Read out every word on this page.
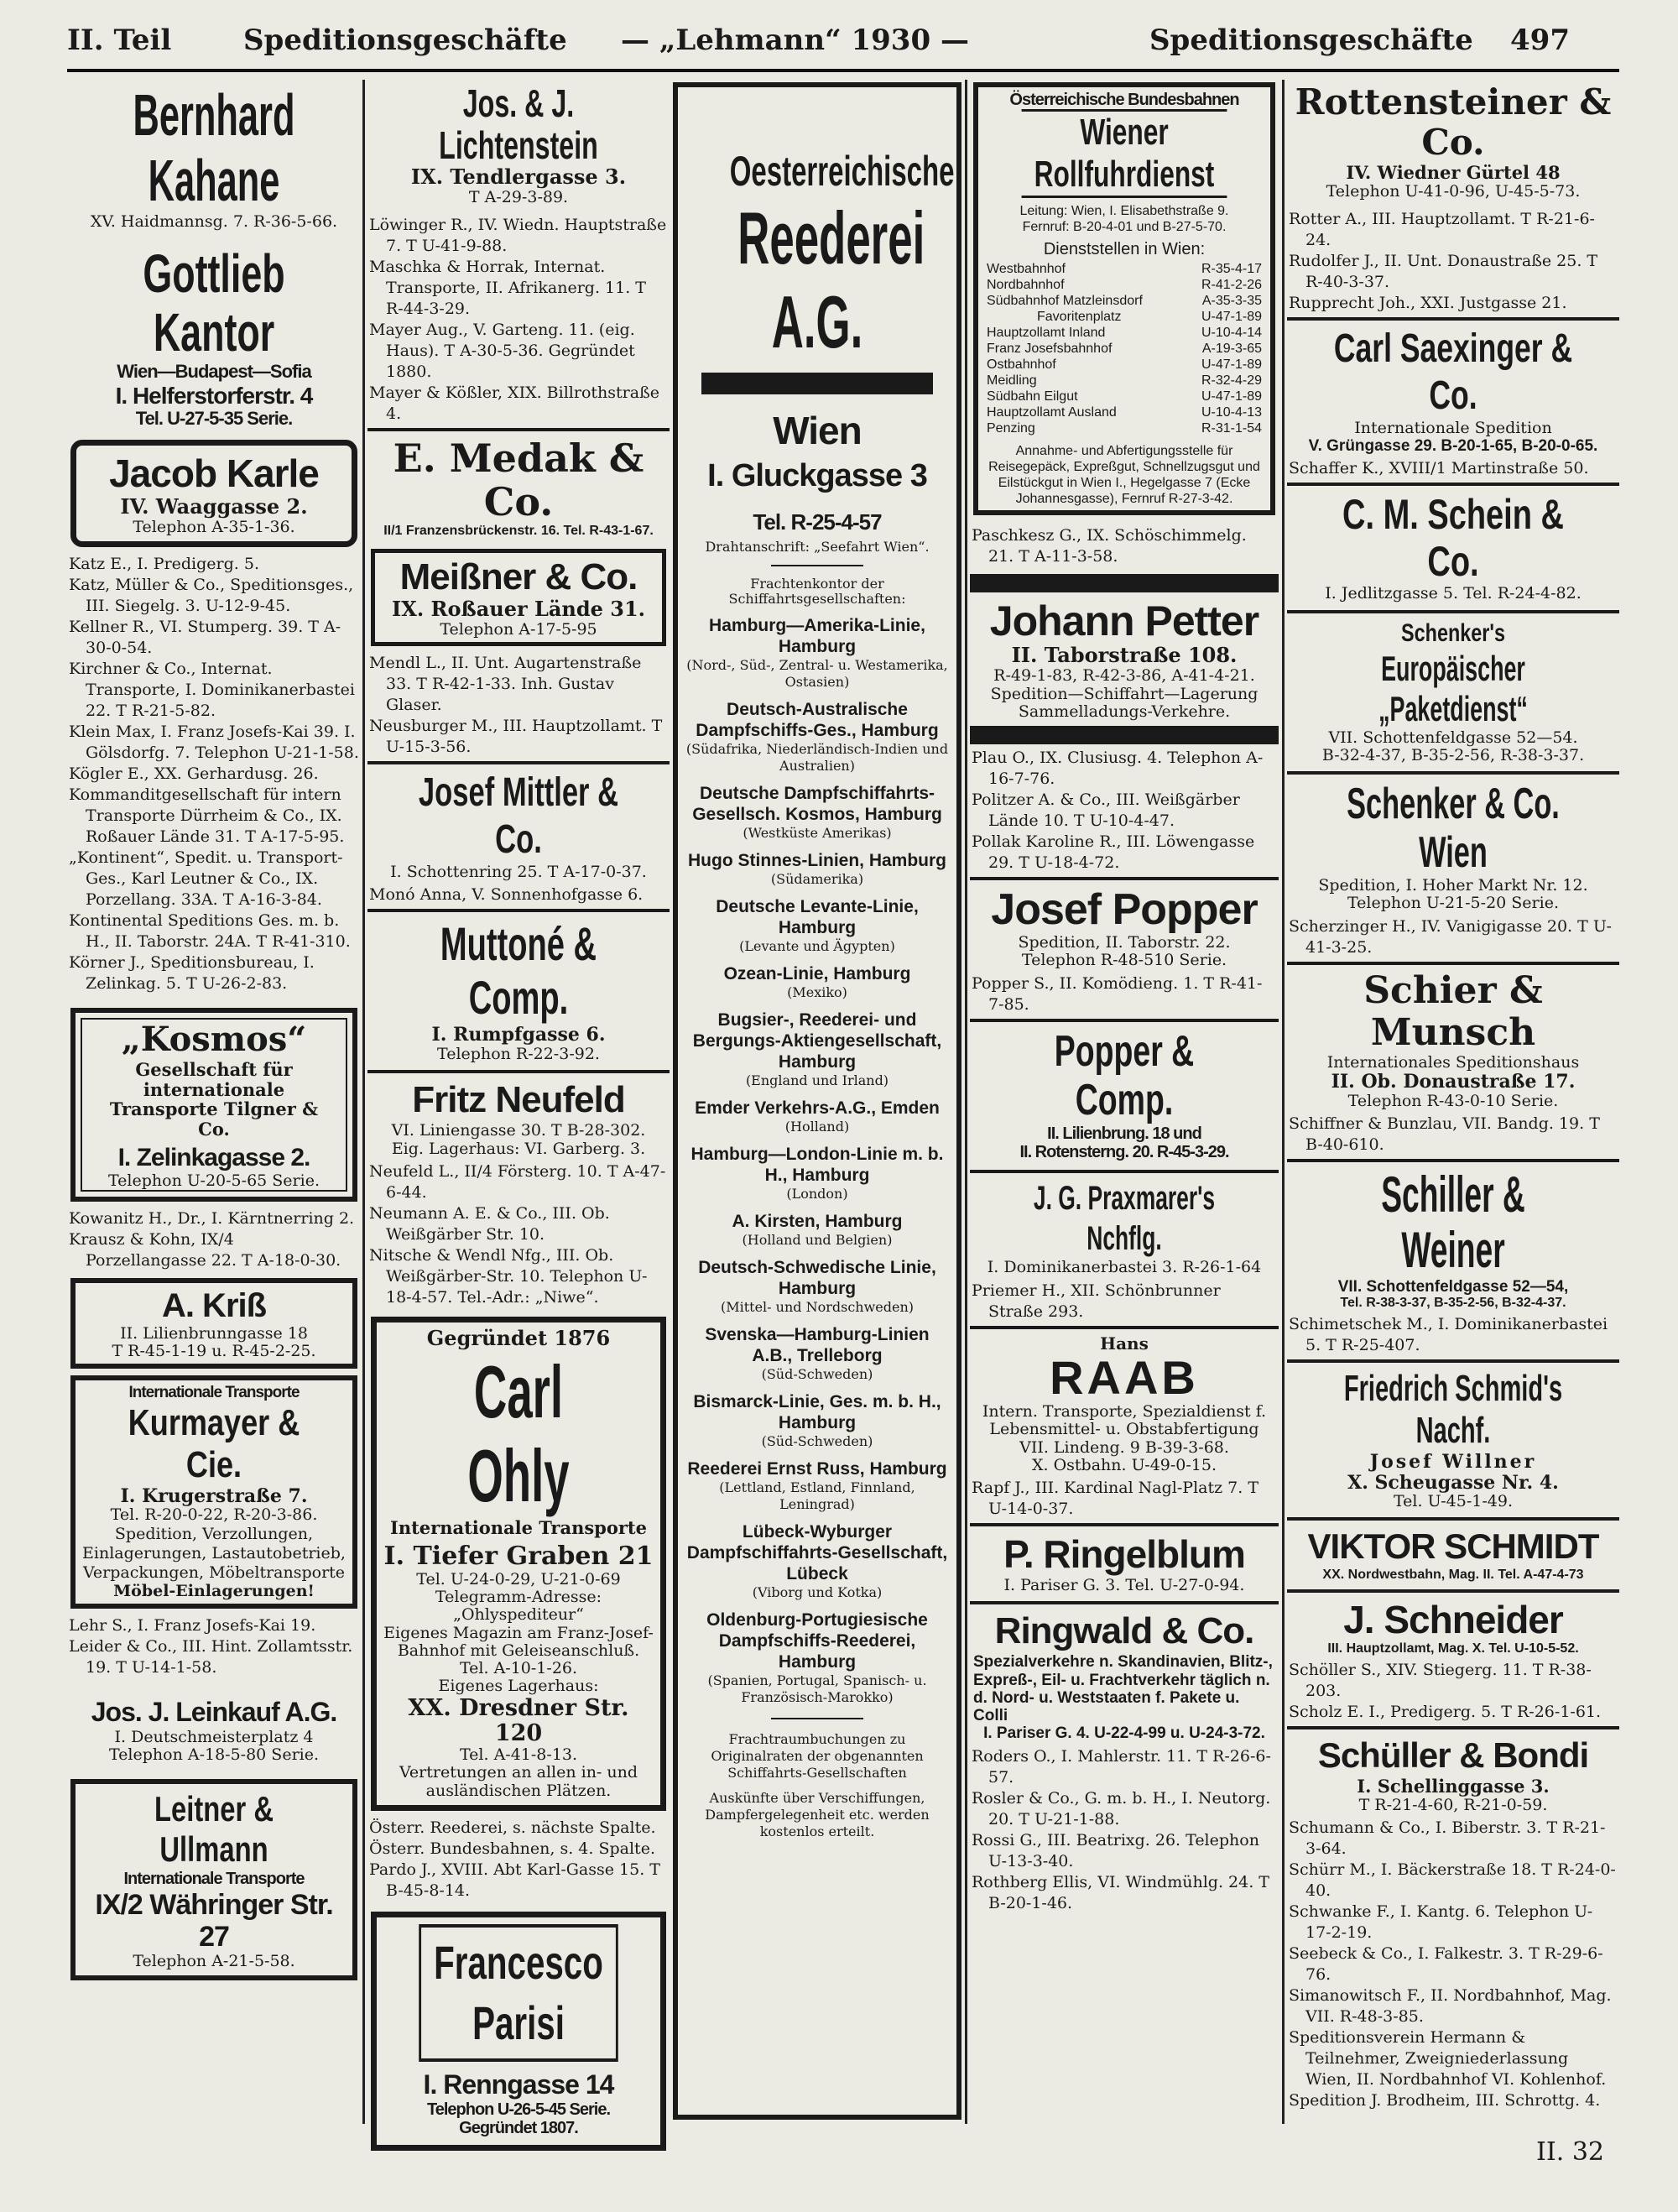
II. Teil	Speditionsgeschäfte — „Lehmann“ 1930 —	Speditionsgeschäfte 497
Bernhard Kahane
XV. Haidmannsg. 7. R-36-5-66.
Gottlieb Kantor
Wien—Budapest—Sofia
I. Helferstorferstr. 4
Tel. U-27-5-35 Serie.
Jacob Karle
IV. Waaggasse 2.
Telephon A-35-1-36.
Katz E., I. Predigerg. 5.
Katz, Müller & Co., Speditionsges., III. Siegelg. 3. U-12-9-45.
Kellner R., VI. Stumperg. 39. T A-30-0-54.
Kirchner & Co., Internat. Transporte, I. Dominikanerbastei 22. T R-21-5-82.
Klein Max, I. Franz Josefs-Kai 39. I. Gölsdorfg. 7. Telephon U-21-1-58.
Kögler E., XX. Gerhardusg. 26.
Kommanditgesellschaft für intern Transporte Dürrheim & Co., IX. Roßauer Lände 31. T A-17-5-95.
„Kontinent“, Spedit. u. Transport-Ges., Karl Leutner & Co., IX. Porzellang. 33A. T A-16-3-84.
Kontinental Speditions Ges. m. b. H., II. Taborstr. 24A. T R-41-310.
Körner J., Speditionsbureau, I. Zelinkag. 5. T U-26-2-83.
„Kosmos“
Gesellschaft für internationale Transporte Tilgner & Co.
I. Zelinkagasse 2.
Telephon U-20-5-65 Serie.
Kowanitz H., Dr., I. Kärntnerring 2.
Krausz & Kohn, IX/4 Porzellangasse 22. T A-18-0-30.
A. Kriß
II. Lilienbrunngasse 18
T R-45-1-19 u. R-45-2-25.
Internationale Transporte
Kurmayer & Cie.
I. Krugerstraße 7.
Tel. R-20-0-22, R-20-3-86.
Spedition, Verzollungen, Einlagerungen, Lastautobetrieb, Verpackungen, Möbeltransporte
Möbel-Einlagerungen!
Lehr S., I. Franz Josefs-Kai 19.
Leider & Co., III. Hint. Zollamtsstr. 19. T U-14-1-58.
Jos. J. Leinkauf A.G.
I. Deutschmeisterplatz 4
Telephon A-18-5-80 Serie.
Leitner & Ullmann
Internationale Transporte
IX/2 Währinger Str. 27
Telephon A-21-5-58.
Jos. & J. Lichtenstein
IX. Tendlergasse 3.
T A-29-3-89.
Löwinger R., IV. Wiedn. Hauptstraße 7. T U-41-9-88.
Maschka & Horrak, Internat. Transporte, II. Afrikanerg. 11. T R-44-3-29.
Mayer Aug., V. Garteng. 11. (eig. Haus). T A-30-5-36. Gegründet 1880.
Mayer & Kößler, XIX. Billrothstraße 4.
E. Medak & Co.
II/1 Franzensbrückenstr. 16. Tel. R-43-1-67.
Meißner & Co.
IX. Roßauer Lände 31.
Telephon A-17-5-95
Mendl L., II. Unt. Augartenstraße 33. T R-42-1-33. Inh. Gustav Glaser.
Neusburger M., III. Hauptzollamt. T U-15-3-56.
Josef Mittler & Co.
I. Schottenring 25. T A-17-0-37.
Monó Anna, V. Sonnenhofgasse 6.
Muttoné & Comp.
I. Rumpfgasse 6.
Telephon R-22-3-92.
Fritz Neufeld
VI. Liniengasse 30. T B-28-302.
Eig. Lagerhaus: VI. Garberg. 3.
Neufeld L., II/4 Försterg. 10. T A-47-6-44.
Neumann A. E. & Co., III. Ob. Weißgärber Str. 10.
Nitsche & Wendl Nfg., III. Ob. Weißgärber-Str. 10. Telephon U-18-4-57. Tel.-Adr.: „Niwe“.
Gegründet 1876
Carl Ohly
Internationale Transporte
I. Tiefer Graben 21
Tel. U-24-0-29, U-21-0-69
Telegramm-Adresse: „Ohlyspediteur“
Eigenes Magazin am Franz-Josef-Bahnhof mit Geleiseanschluß. Tel. A-10-1-26.
Eigenes Lagerhaus:
XX. Dresdner Str. 120
Tel. A-41-8-13.
Vertretungen an allen in- und ausländischen Plätzen.
Österr. Reederei, s. nächste Spalte.
Österr. Bundesbahnen, s. 4. Spalte.
Pardo J., XVIII. Abt Karl-Gasse 15. T B-45-8-14.
Francesco Parisi
I. Renngasse 14
Telephon U-26-5-45 Serie.
Gegründet 1807.
Oesterreichische
Reederei A.G.
Wien
I. Gluckgasse 3
Tel. R-25-4-57
Drahtanschrift: „Seefahrt Wien“.
Frachtenkontor der Schiffahrtsgesellschaften:
Hamburg—Amerika-Linie, Hamburg
(Nord-, Süd-, Zentral- u. Westamerika, Ostasien)
Deutsch-Australische Dampfschiffs-Ges., Hamburg
(Südafrika, Niederländisch-Indien und Australien)
Deutsche Dampfschiffahrts-Gesellsch. Kosmos, Hamburg
(Westküste Amerikas)
Hugo Stinnes-Linien, Hamburg
(Südamerika)
Deutsche Levante-Linie, Hamburg
(Levante und Ägypten)
Ozean-Linie, Hamburg
(Mexiko)
Bugsier-, Reederei- und Bergungs-Aktiengesellschaft, Hamburg
(England und Irland)
Emder Verkehrs-A.G., Emden
(Holland)
Hamburg—London-Linie m. b. H., Hamburg
(London)
A. Kirsten, Hamburg
(Holland und Belgien)
Deutsch-Schwedische Linie, Hamburg
(Mittel- und Nordschweden)
Svenska—Hamburg-Linien A.B., Trelleborg
(Süd-Schweden)
Bismarck-Linie, Ges. m. b. H., Hamburg
(Süd-Schweden)
Reederei Ernst Russ, Hamburg
(Lettland, Estland, Finnland, Leningrad)
Lübeck-Wyburger Dampfschiffahrts-Gesellschaft, Lübeck
(Viborg und Kotka)
Oldenburg-Portugiesische Dampfschiffs-Reederei, Hamburg
(Spanien, Portugal, Spanisch- u. Französisch-Marokko)
Frachtraumbuchungen zu Originalraten der obgenannten Schiffahrts-Gesellschaften
Auskünfte über Verschiffungen, Dampfergelegenheit etc. werden kostenlos erteilt.
Österreichische Bundesbahnen
Wiener Rollfuhrdienst
Leitung: Wien, I. Elisabethstraße 9.
Fernruf: B-20-4-01 und B-27-5-70.
Dienststellen in Wien:
Westbahnhof	R-35-4-17
Nordbahnhof	R-41-2-26
Südbahnhof Matzleinsdorf	A-35-3-35
Favoritenplatz	U-47-1-89
Hauptzollamt Inland	U-10-4-14
Franz Josefsbahnhof	A-19-3-65
Ostbahnhof	U-47-1-89
Meidling	R-32-4-29
Südbahn Eilgut	U-47-1-89
Hauptzollamt Ausland	U-10-4-13
Penzing	R-31-1-54
Annahme- und Abfertigungsstelle für Reisegepäck, Expreßgut, Schnellzugsgut und Eilstückgut in Wien I., Hegelgasse 7 (Ecke Johannesgasse), Fernruf R-27-3-42.
Paschkesz G., IX. Schöschimmelg. 21. T A-11-3-58.
Johann Petter
II. Taborstraße 108.
R-49-1-83, R-42-3-86, A-41-4-21.
Spedition—Schiffahrt—Lagerung Sammelladungs-Verkehre.
Plau O., IX. Clusiusg. 4. Telephon A-16-7-76.
Politzer A. & Co., III. Weißgärber Lände 10. T U-10-4-47.
Pollak Karoline R., III. Löwengasse 29. T U-18-4-72.
Josef Popper
Spedition, II. Taborstr. 22.
Telephon R-48-510 Serie.
Popper S., II. Komödieng. 1. T R-41-7-85.
Popper & Comp.
II. Lilienbrung. 18 und
II. Rotensterng. 20. R-45-3-29.
J. G. Praxmarer's Nchflg.
I. Dominikanerbastei 3. R-26-1-64
Priemer H., XII. Schönbrunner Straße 293.
Hans
RAAB
Intern. Transporte, Spezialdienst f. Lebensmittel- u. Obstabfertigung
VII. Lindeng. 9 B-39-3-68.
X. Ostbahn. U-49-0-15.
Rapf J., III. Kardinal Nagl-Platz 7. T U-14-0-37.
P. Ringelblum
I. Pariser G. 3. Tel. U-27-0-94.
Ringwald & Co.
Spezialverkehre n. Skandinavien, Blitz-, Expreß-, Eil- u. Frachtverkehr täglich n. d. Nord- u. Weststaaten f. Pakete u. Colli
I. Pariser G. 4. U-22-4-99 u. U-24-3-72.
Roders O., I. Mahlerstr. 11. T R-26-6-57.
Rosler & Co., G. m. b. H., I. Neutorg. 20. T U-21-1-88.
Rossi G., III. Beatrixg. 26. Telephon U-13-3-40.
Rothberg Ellis, VI. Windmühlg. 24. T B-20-1-46.
Rottensteiner & Co.
IV. Wiedner Gürtel 48
Telephon U-41-0-96, U-45-5-73.
Rotter A., III. Hauptzollamt. T R-21-6-24.
Rudolfer J., II. Unt. Donaustraße 25. T R-40-3-37.
Rupprecht Joh., XXI. Justgasse 21.
Carl Saexinger & Co.
Internationale Spedition
V. Grüngasse 29. B-20-1-65, B-20-0-65.
Schaffer K., XVIII/1 Martinstraße 50.
C. M. Schein & Co.
I. Jedlitzgasse 5. Tel. R-24-4-82.
Schenker's
Europäischer „Paketdienst“
VII. Schottenfeldgasse 52—54.
B-32-4-37, B-35-2-56, R-38-3-37.
Schenker & Co. Wien
Spedition, I. Hoher Markt Nr. 12.
Telephon U-21-5-20 Serie.
Scherzinger H., IV. Vanigigasse 20. T U-41-3-25.
Schier & Munsch
Internationales Speditionshaus
II. Ob. Donaustraße 17.
Telephon R-43-0-10 Serie.
Schiffner & Bunzlau, VII. Bandg. 19. T B-40-610.
Schiller & Weiner
VII. Schottenfeldgasse 52—54,
Tel. R-38-3-37, B-35-2-56, B-32-4-37.
Schimetschek M., I. Dominikanerbastei 5. T R-25-407.
Friedrich Schmid's Nachf.
Josef Willner
X. Scheugasse Nr. 4.
Tel. U-45-1-49.
VIKTOR SCHMIDT
XX. Nordwestbahn, Mag. II. Tel. A-47-4-73
J. Schneider
III. Hauptzollamt, Mag. X. Tel. U-10-5-52.
Schöller S., XIV. Stiegerg. 11. T R-38-203.
Scholz E. I., Predigerg. 5. T R-26-1-61.
Schüller & Bondi
I. Schellinggasse 3.
T R-21-4-60, R-21-0-59.
Schumann & Co., I. Biberstr. 3. T R-21-3-64.
Schürr M., I. Bäckerstraße 18. T R-24-0-40.
Schwanke F., I. Kantg. 6. Telephon U-17-2-19.
Seebeck & Co., I. Falkestr. 3. T R-29-6-76.
Simanowitsch F., II. Nordbahnhof, Mag. VII. R-48-3-85.
Speditionsverein Hermann & Teilnehmer, Zweigniederlassung Wien, II. Nordbahnhof VI. Kohlenhof.
Spedition J. Brodheim, III. Schrottg. 4.
II. 32
